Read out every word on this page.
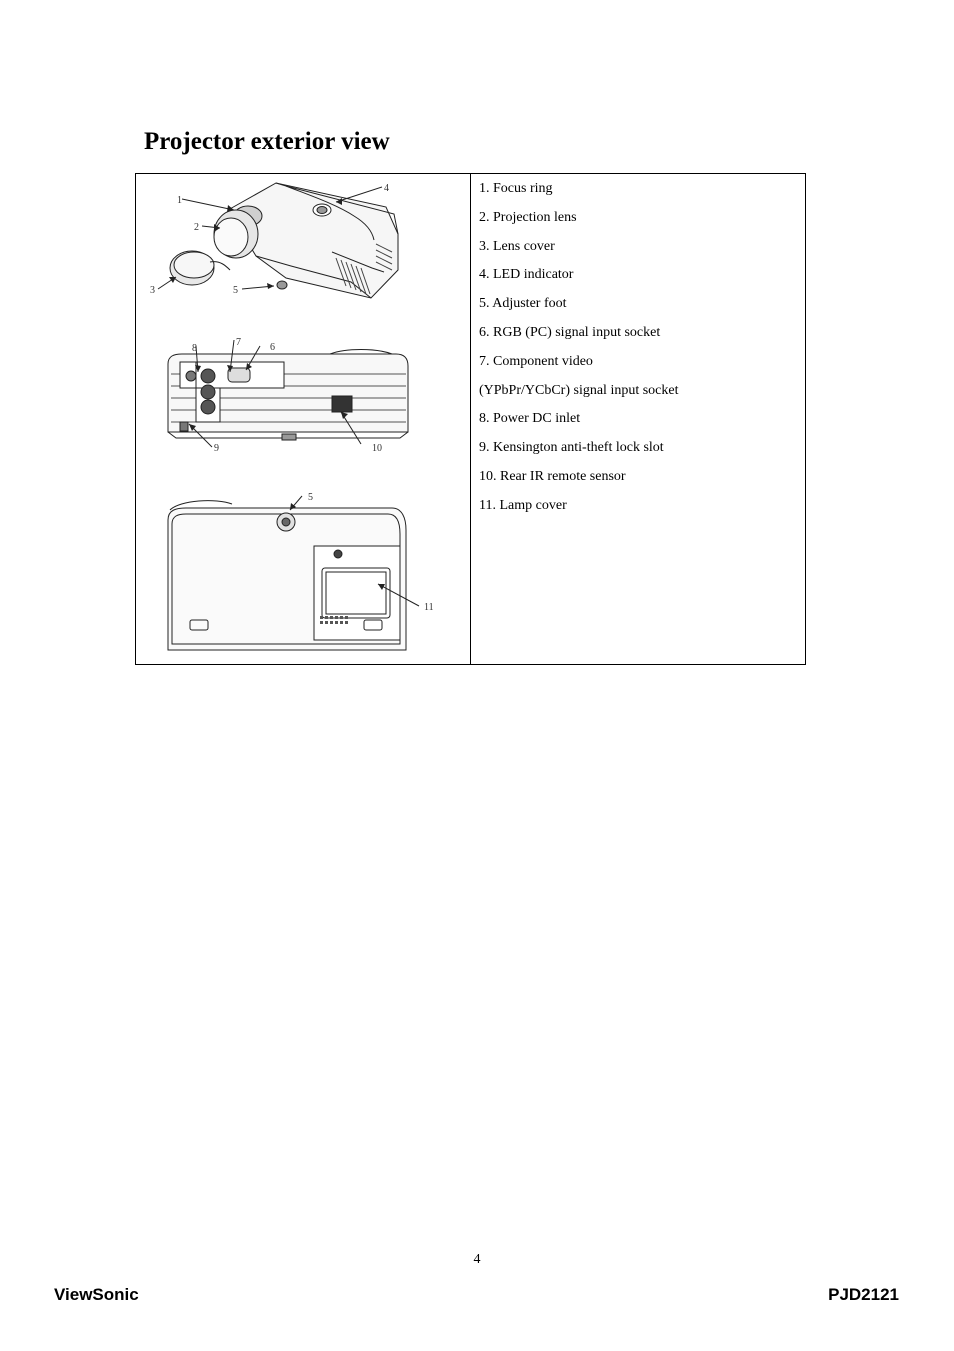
Projector exterior view
1
2
3
4
5
6
7
8
9	10
5
11
1. Focus ring
2. Projection lens
3. Lens cover
4. LED indicator
5. Adjuster foot
6. RGB (PC) signal input socket
7. Component video
(YPbPr/YCbCr) signal input socket
8. Power DC inlet
9. Kensington anti-theft lock slot
10. Rear IR remote sensor
11. Lamp cover
4
ViewSonic	PJD2121
